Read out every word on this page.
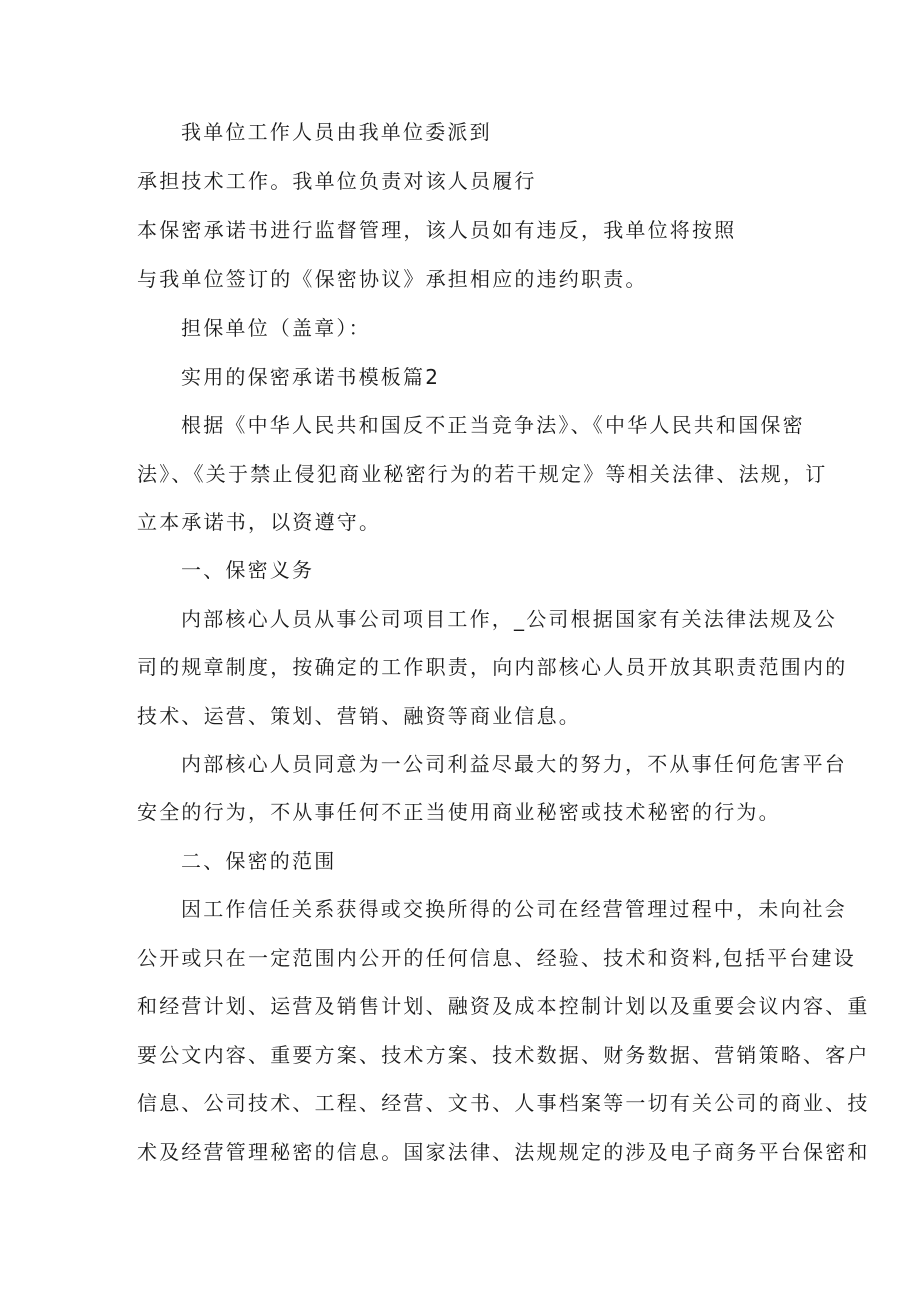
我单位工作人员由我单位委派到

承担技术工作。我单位负责对该人员履行

本保密承诺书进行监督管理，该人员如有违反，我单位将按照

与我单位签订的《保密协议》承担相应的违约职责。

担保单位（盖章）：

实用的保密承诺书模板篇2

根据《中华人民共和国反不正当竞争法》、《中华人民共和国保密

法》、《关于禁止侵犯商业秘密行为的若干规定》等相关法律、法规，订

立本承诺书，以资遵守。

一、保密义务

内部核心人员从事公司项目工作，_公司根据国家有关法律法规及公

司的规章制度，按确定的工作职责，向内部核心人员开放其职责范围内的

技术、运营、策划、营销、融资等商业信息。

内部核心人员同意为一公司利益尽最大的努力，不从事任何危害平台

安全的行为，不从事任何不正当使用商业秘密或技术秘密的行为。

二、保密的范围

因工作信任关系获得或交换所得的公司在经营管理过程中，未向社会

公开或只在一定范围内公开的任何信息、经验、技术和资料,包括平台建设

和经营计划、运营及销售计划、融资及成本控制计划以及重要会议内容、重

要公文内容、重要方案、技术方案、技术数据、财务数据、营销策略、客户

信息、公司技术、工程、经营、文书、人事档案等一切有关公司的商业、技

术及经营管理秘密的信息。国家法律、法规规定的涉及电子商务平台保密和
